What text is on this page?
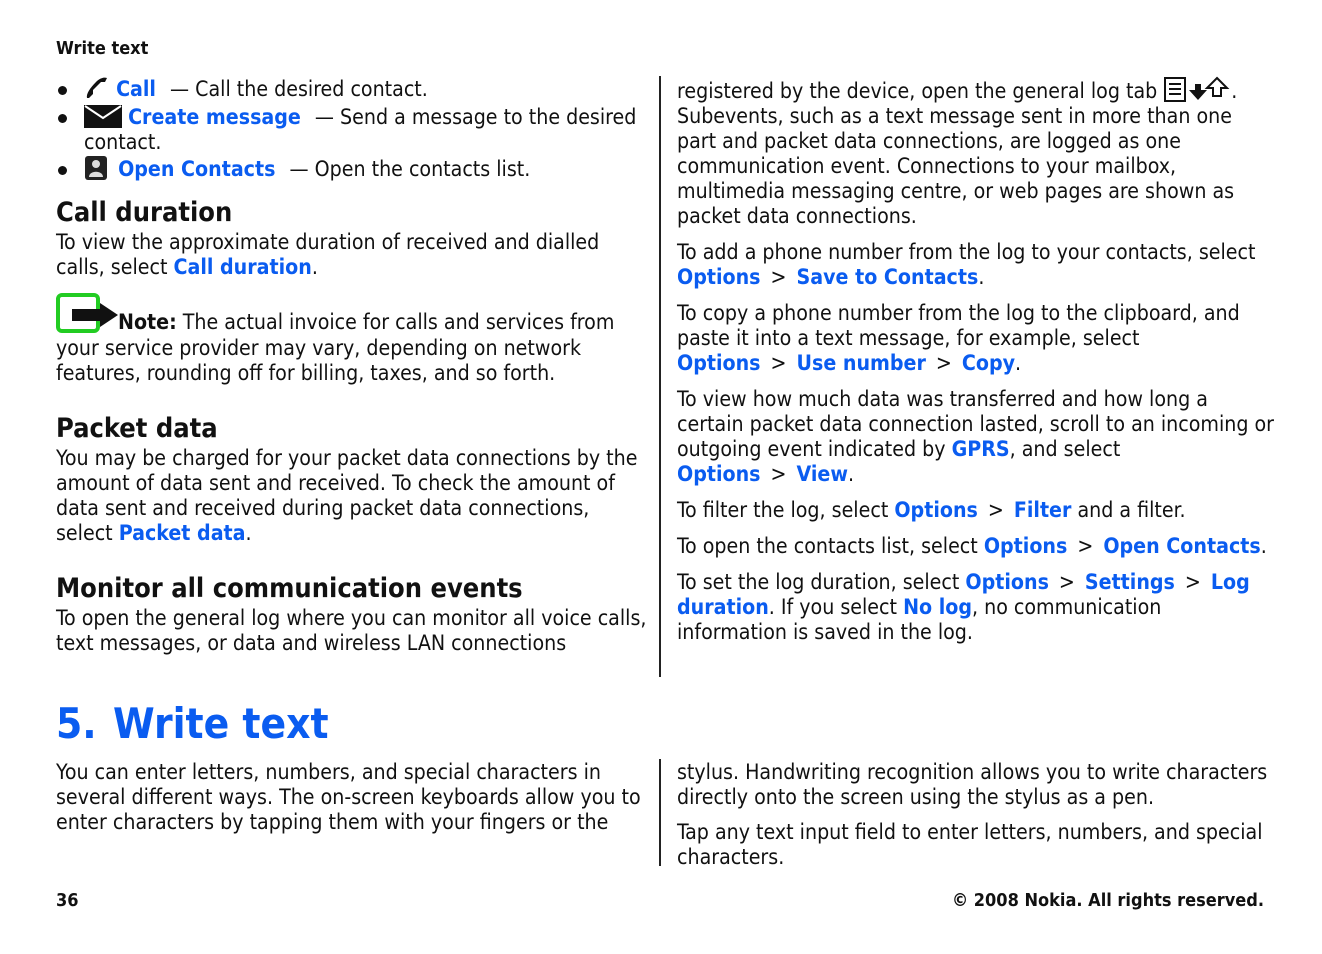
Write text
Call — Call the desired contact.
Create message — Send a message to the desired contact.
Open Contacts — Open the contacts list.
Call duration

To view the approximate duration of received and dialled calls, select Call duration.

Note: The actual invoice for calls and services from your service provider may vary, depending on network features, rounding off for billing, taxes, and so forth.

Packet data

You may be charged for your packet data connections by the amount of data sent and received. To check the amount of data sent and received during packet data connections, select Packet data.

Monitor all communication events

To open the general log where you can monitor all voice calls, text messages, or data and wireless LAN connections

registered by the device, open the general log tab	. Subevents, such as a text message sent in more than one part and packet data connections, are logged as one communication event. Connections to your mailbox, multimedia messaging centre, or web pages are shown as packet data connections.

To add a phone number from the log to your contacts, select Options > Save to Contacts.

To copy a phone number from the log to the clipboard, and paste it into a text message, for example, select Options > Use number > Copy.

To view how much data was transferred and how long a certain packet data connection lasted, scroll to an incoming or outgoing event indicated by GPRS, and select Options > View.

To filter the log, select Options > Filter and a filter.

To open the contacts list, select Options > Open Contacts.

To set the log duration, select Options > Settings > Log duration. If you select No log, no communication information is saved in the log.

5. Write text

You can enter letters, numbers, and special characters in several different ways. The on-screen keyboards allow you to enter characters by tapping them with your fingers or the

stylus. Handwriting recognition allows you to write characters directly onto the screen using the stylus as a pen.

Tap any text input field to enter letters, numbers, and special characters.

36	© 2008 Nokia. All rights reserved.
